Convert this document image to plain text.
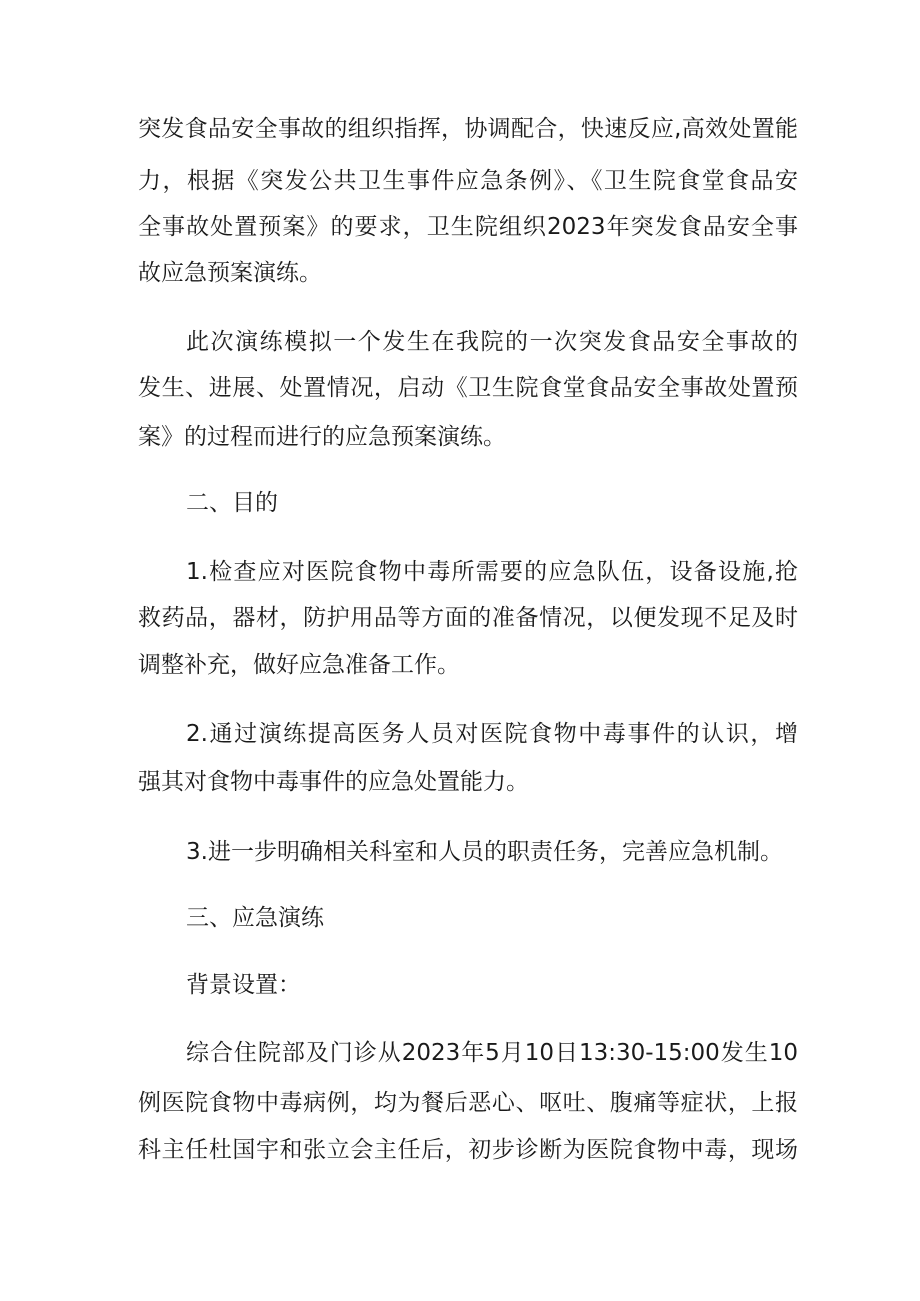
突发食品安全事故的组织指挥，协调配合，快速反应,高效处置能
力，根据《突发公共卫生事件应急条例》、《卫生院食堂食品安
全事故处置预案》的要求，卫生院组织2023年突发食品安全事
故应急预案演练。
此次演练模拟一个发生在我院的一次突发食品安全事故的
发生、进展、处置情况，启动《卫生院食堂食品安全事故处置预
案》的过程而进行的应急预案演练。
二、目的
1.检查应对医院食物中毒所需要的应急队伍，设备设施,抢
救药品，器材，防护用品等方面的准备情况，以便发现不足及时
调整补充，做好应急准备工作。
2.通过演练提高医务人员对医院食物中毒事件的认识，增
强其对食物中毒事件的应急处置能力。
3.进一步明确相关科室和人员的职责任务，完善应急机制。
三、应急演练
背景设置：
综合住院部及门诊从2023年5月10日13:30-15:00发生10
例医院食物中毒病例，均为餐后恶心、呕吐、腹痛等症状，上报
科主任杜国宇和张立会主任后，初步诊断为医院食物中毒，现场
